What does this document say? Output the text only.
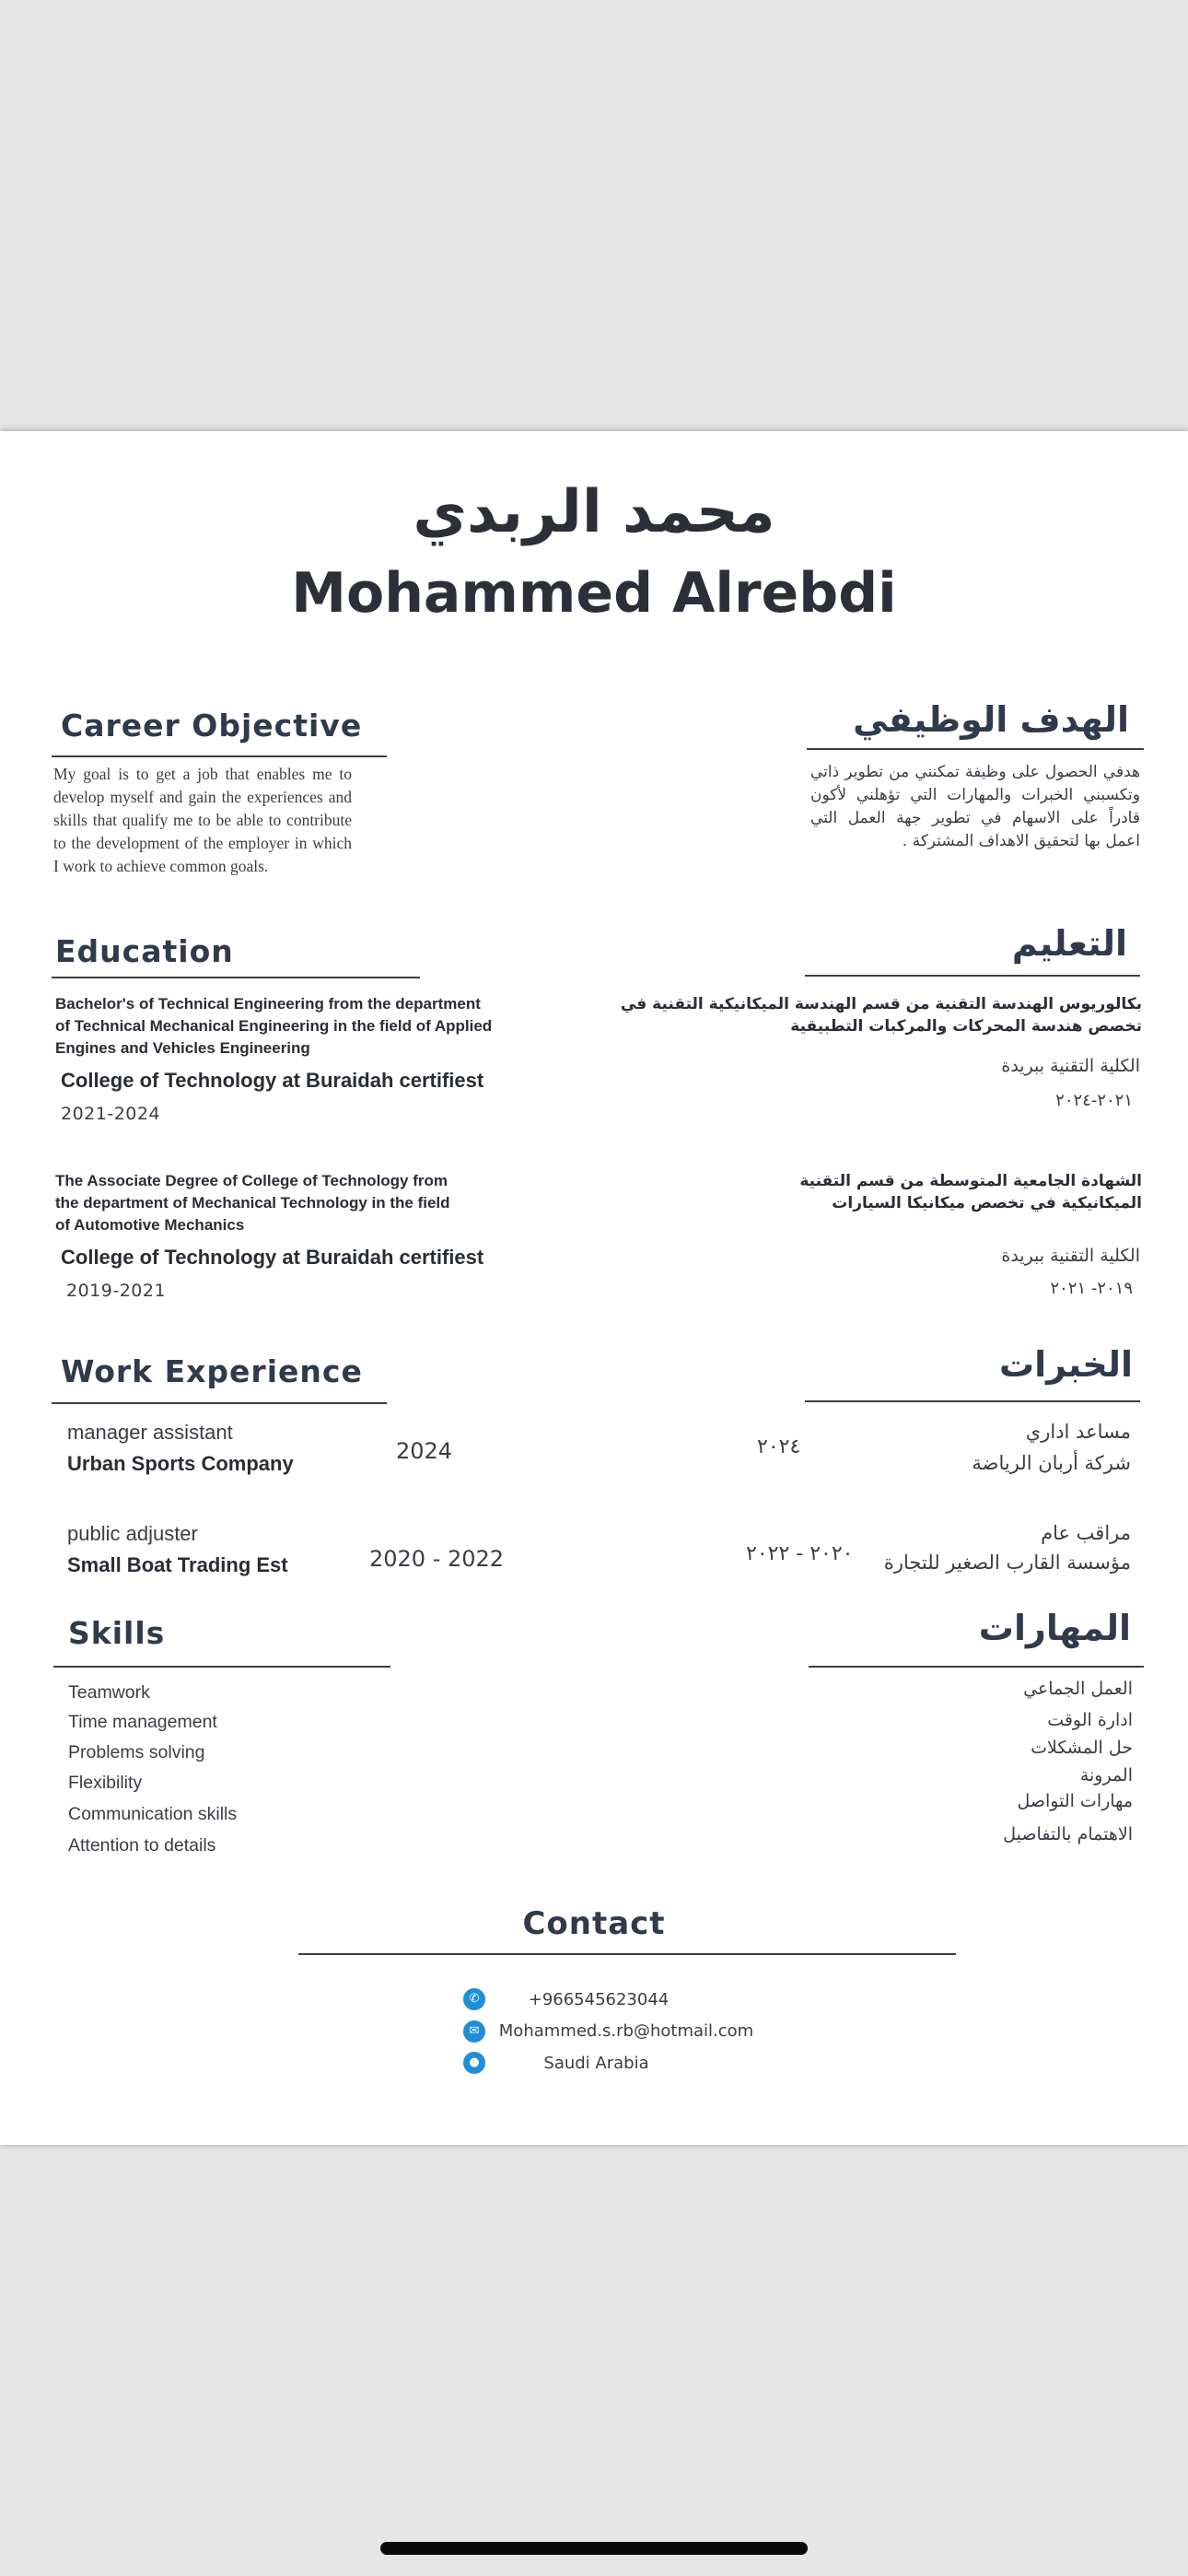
محمد الربدي
Mohammed Alrebdi
Career Objective
My goal is to get a job that enables me to develop myself and gain the experiences and skills that qualify me to be able to contribute to the development of the employer in which I work to achieve common goals.
الهدف الوظيفي
هدفي الحصول على وظيفة تمكنني من تطوير ذاتي وتكسبني الخبرات والمهارات التي تؤهلني لأكون قادراً على الاسهام في تطوير جهة العمل التي اعمل بها لتحقيق الاهداف المشتركة .
Education	التعليم
Bachelor's of Technical Engineering from the department of Technical Mechanical Engineering in the field of Applied Engines and Vehicles Engineering
College of Technology at Buraidah certifiest
2021-2024
بكالوريوس الهندسة التقنية من قسم الهندسة الميكانيكية التقنية في تخصص هندسة المحركات والمركبات التطبيقية
الكلية التقنية ببريدة
٢٠٢١-٢٠٢٤
The Associate Degree of College of Technology from the department of Mechanical Technology in the field of Automotive Mechanics
College of Technology at Buraidah certifiest
2019-2021
الشهادة الجامعية المتوسطة من قسم التقنية الميكانيكية في تخصص ميكانيكا السيارات
الكلية التقنية ببريدة
٢٠١٩- ٢٠٢١
Work Experience	الخبرات
manager assistant
Urban Sports Company	2024	٢٠٢٤
مساعد اداري
شركة أربان الرياضة
public adjuster
Small Boat Trading Est	2020 - 2022	٢٠٢٠ - ٢٠٢٢
مراقب عام
مؤسسة القارب الصغير للتجارة
Skills	المهارات
Teamwork
Time management
Problems solving
Flexibility
Communication skills
Attention to details
العمل الجماعي
ادارة الوقت
حل المشكلات
المرونة
مهارات التواصل
الاهتمام بالتفاصيل
Contact
✆	+966545623044
✉	Mohammed.s.rb@hotmail.com
●	Saudi Arabia
